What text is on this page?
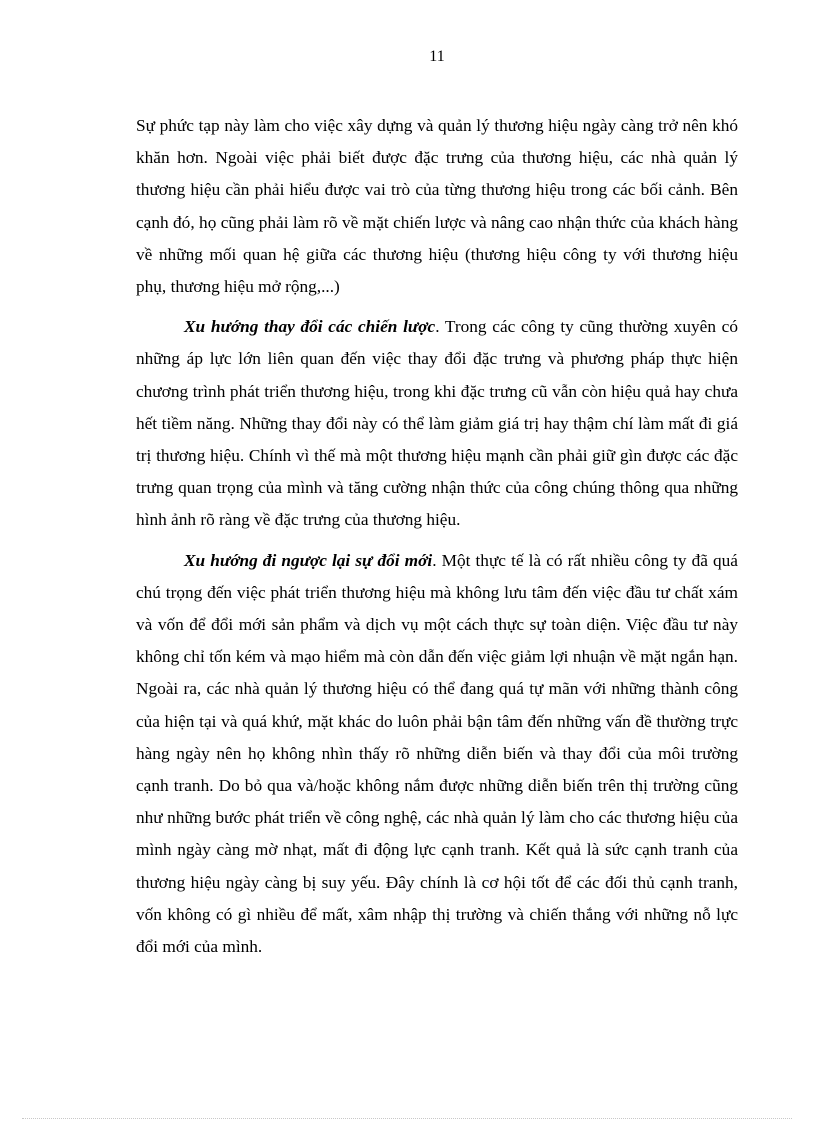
11

Sự phức tạp này làm cho việc xây dựng và quản lý thương hiệu ngày càng trở nên khó khăn hơn. Ngoài việc phải biết được đặc trưng của thương hiệu, các nhà quản lý thương hiệu cần phải hiểu được vai trò của từng thương hiệu trong các bối cảnh. Bên cạnh đó, họ cũng phải làm rõ về mặt chiến lược và nâng cao nhận thức của khách hàng về những mối quan hệ giữa các thương hiệu (thương hiệu công ty với thương hiệu phụ, thương hiệu mở rộng,...)

Xu hướng thay đổi các chiến lược. Trong các công ty cũng thường xuyên có những áp lực lớn liên quan đến việc thay đổi đặc trưng và phương pháp thực hiện chương trình phát triển thương hiệu, trong khi đặc trưng cũ vẫn còn hiệu quả hay chưa hết tiềm năng. Những thay đổi này có thể làm giảm giá trị hay thậm chí làm mất đi giá trị thương hiệu. Chính vì thế mà một thương hiệu mạnh cần phải giữ gìn được các đặc trưng quan trọng của mình và tăng cường nhận thức của công chúng thông qua những hình ảnh rõ ràng về đặc trưng của thương hiệu.

Xu hướng đi ngược lại sự đổi mới. Một thực tế là có rất nhiều công ty đã quá chú trọng đến việc phát triển thương hiệu mà không lưu tâm đến việc đầu tư chất xám và vốn để đổi mới sản phẩm và dịch vụ một cách thực sự toàn diện. Việc đầu tư này không chỉ tốn kém và mạo hiểm mà còn dẫn đến việc giảm lợi nhuận về mặt ngắn hạn. Ngoài ra, các nhà quản lý thương hiệu có thể đang quá tự mãn với những thành công của hiện tại và quá khứ, mặt khác do luôn phải bận tâm đến những vấn đề thường trực hàng ngày nên họ không nhìn thấy rõ những diễn biến và thay đổi của môi trường cạnh tranh. Do bỏ qua và/hoặc không nắm được những diễn biến trên thị trường cũng như những bước phát triển về công nghệ, các nhà quản lý làm cho các thương hiệu của mình ngày càng mờ nhạt, mất đi động lực cạnh tranh. Kết quả là sức cạnh tranh của thương hiệu ngày càng bị suy yếu. Đây chính là cơ hội tốt để các đối thủ cạnh tranh, vốn không có gì nhiều để mất, xâm nhập thị trường và chiến thắng với những nỗ lực đổi mới của mình.
